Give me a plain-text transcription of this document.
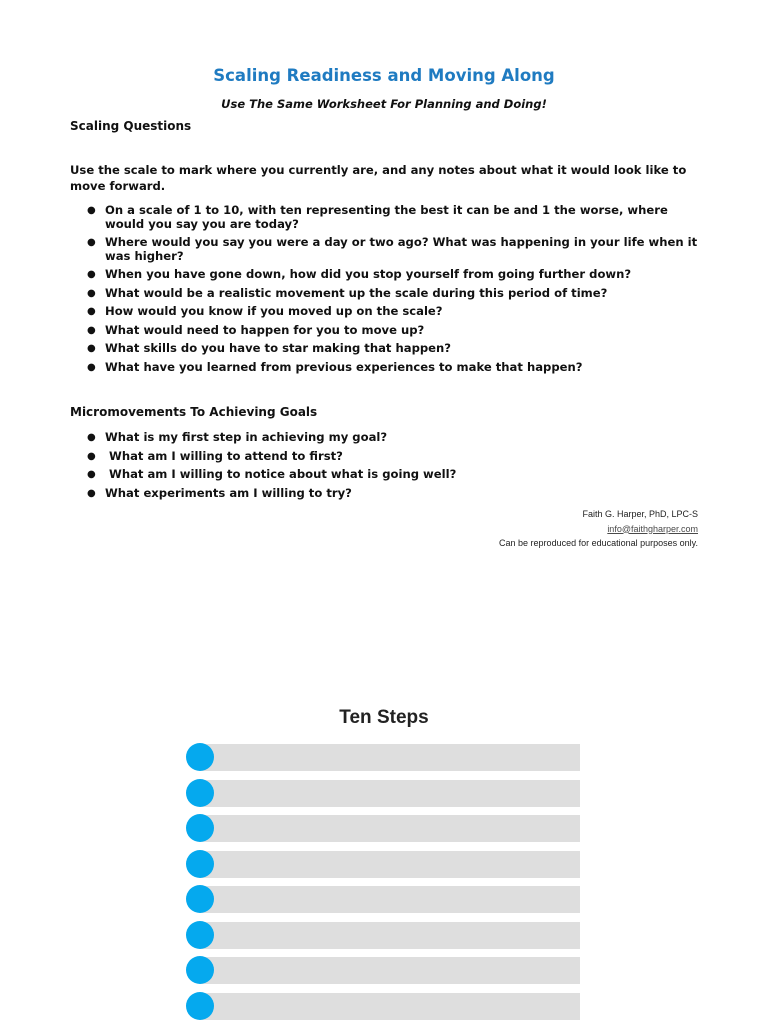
Scaling Readiness and Moving Along
Use The Same Worksheet For Planning and Doing!
Scaling Questions
Use the scale to mark where you currently are, and any notes about what it would look like to move forward.
● On a scale of 1 to 10, with ten representing the best it can be and 1 the worse, where would you say you are today?
● Where would you say you were a day or two ago? What was happening in your life when it was higher?
● When you have gone down, how did you stop yourself from going further down?
● What would be a realistic movement up the scale during this period of time?
● How would you know if you moved up on the scale?
● What would need to happen for you to move up?
● What skills do you have to star making that happen?
● What have you learned from previous experiences to make that happen?
Micromovements To Achieving Goals
● What is my first step in achieving my goal?
● What am I willing to attend to first?
● What am I willing to notice about what is going well?
● What experiments am I willing to try?
Faith G. Harper, PhD, LPC-S
info@faithgharper.com
Can be reproduced for educational purposes only.
Ten Steps
